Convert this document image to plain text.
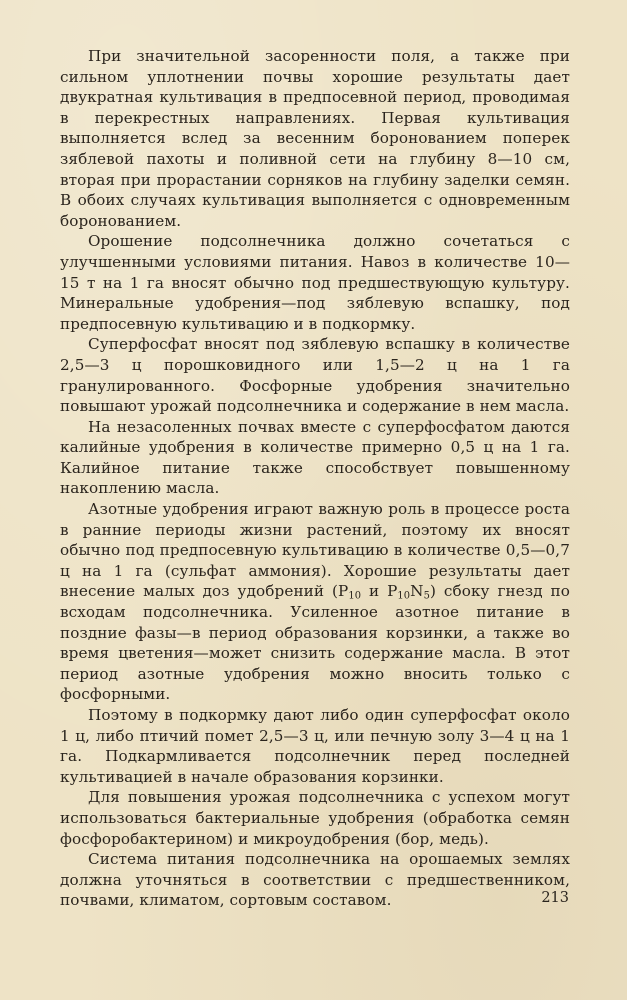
При значительной засоренности поля, а также при сильном уплотнении почвы хорошие результаты дает двукратная культивация в предпосевной период, проводимая в перекрестных направлениях. Первая культивация выполняется вслед за весенним боронованием поперек зяблевой пахоты и поливной сети на глубину 8—10 см, вторая при прорастании сорняков на глубину заделки семян. В обоих случаях культивация выполняется с одновременным боронованием.

Орошение подсолнечника должно сочетаться с улучшенными условиями питания. Навоз в количестве 10—15 т на 1 га вносят обычно под предшествующую культуру. Минеральные удобрения—под зяблевую вспашку, под предпосевную культивацию и в подкормку.

Суперфосфат вносят под зяблевую вспашку в количестве 2,5—3 ц порошковидного или 1,5—2 ц на 1 га гранулированного. Фосфорные удобрения значительно повышают урожай подсолнечника и содержание в нем масла.

На незасоленных почвах вместе с суперфосфатом даются калийные удобрения в количестве примерно 0,5 ц на 1 га. Калийное питание также способствует повышенному накоплению масла.

Азотные удобрения играют важную роль в процессе роста в ранние периоды жизни растений, поэтому их вносят обычно под предпосевную культивацию в количестве 0,5—0,7 ц на 1 га (сульфат аммония). Хорошие результаты дает внесение малых доз удобрений ($P_{10}$ и $P_{10}N_5$) сбоку гнезд по всходам подсолнечника. Усиленное азотное питание в поздние фазы—в период образования корзинки, а также во время цветения—может снизить содержание масла. В этот период азотные удобрения можно вносить только с фосфорными.

Поэтому в подкормку дают либо один суперфосфат около 1 ц, либо птичий помет 2,5—3 ц, или печную золу 3—4 ц на 1 га. Подкармливается подсолнечник перед последней культивацией в начале образования корзинки.

Для повышения урожая подсолнечника с успехом могут использоваться бактериальные удобрения (обработка семян фосфоробактерином) и микроудобрения (бор, медь).

Система питания подсолнечника на орошаемых землях должна уточняться в соответствии с предшественником, почвами, климатом, сортовым составом.	213
